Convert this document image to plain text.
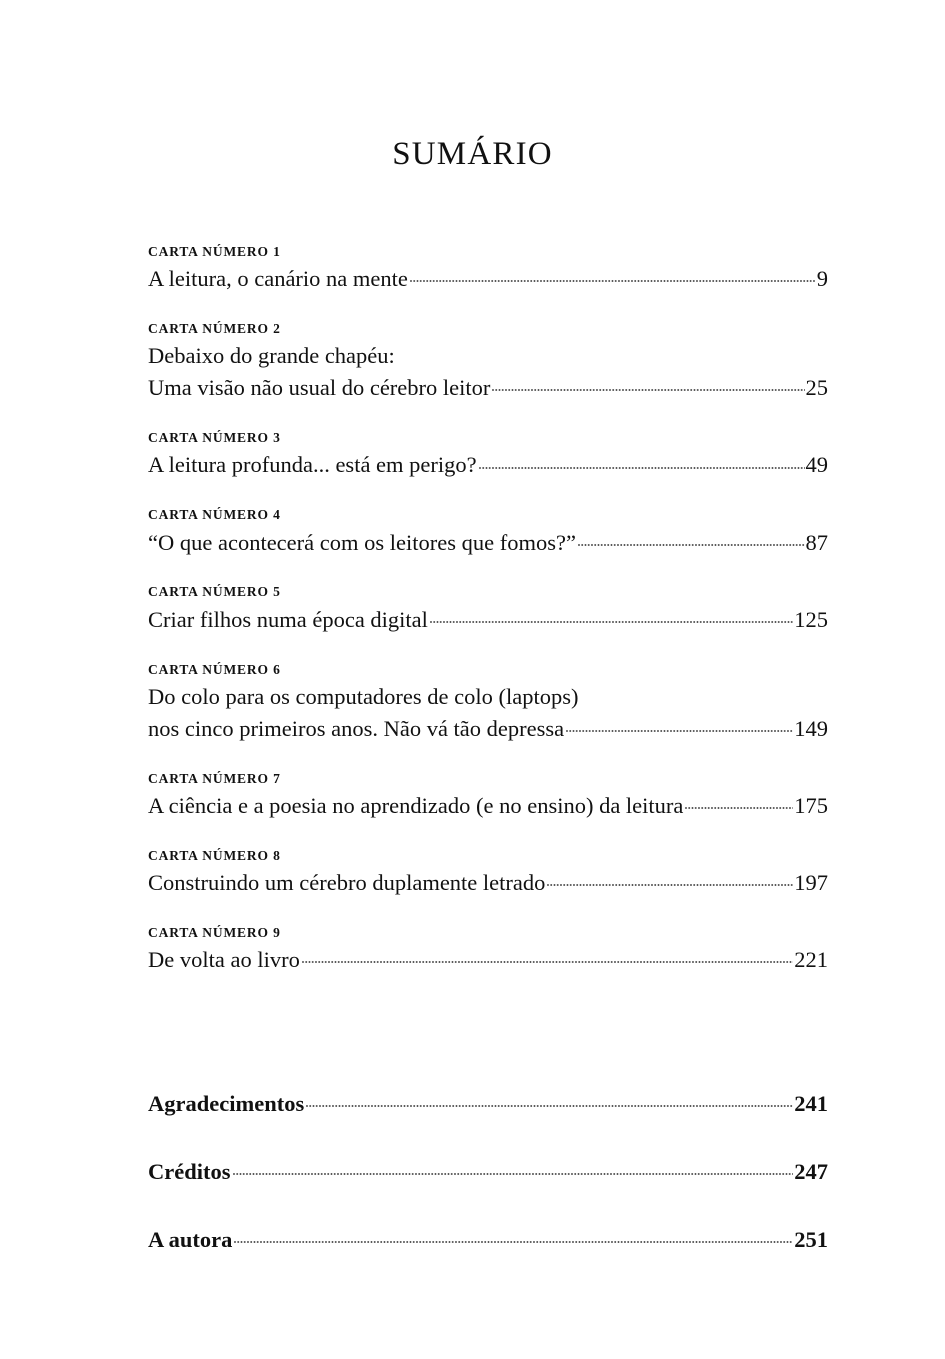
SUMÁRIO
CARTA NÚMERO 1
A leitura, o canário na mente	9
CARTA NÚMERO 2
Debaixo do grande chapéu:
Uma visão não usual do cérebro leitor	25
CARTA NÚMERO 3
A leitura profunda... está em perigo?	49
CARTA NÚMERO 4
“O que acontecerá com os leitores que fomos?”	87
CARTA NÚMERO 5
Criar filhos numa época digital	125
CARTA NÚMERO 6
Do colo para os computadores de colo (laptops)
nos cinco primeiros anos. Não vá tão depressa	149
CARTA NÚMERO 7
A ciência e a poesia no aprendizado (e no ensino) da leitura	175
CARTA NÚMERO 8
Construindo um cérebro duplamente letrado	197
CARTA NÚMERO 9
De volta ao livro	221
Agradecimentos	241
Créditos	247
A autora	251
